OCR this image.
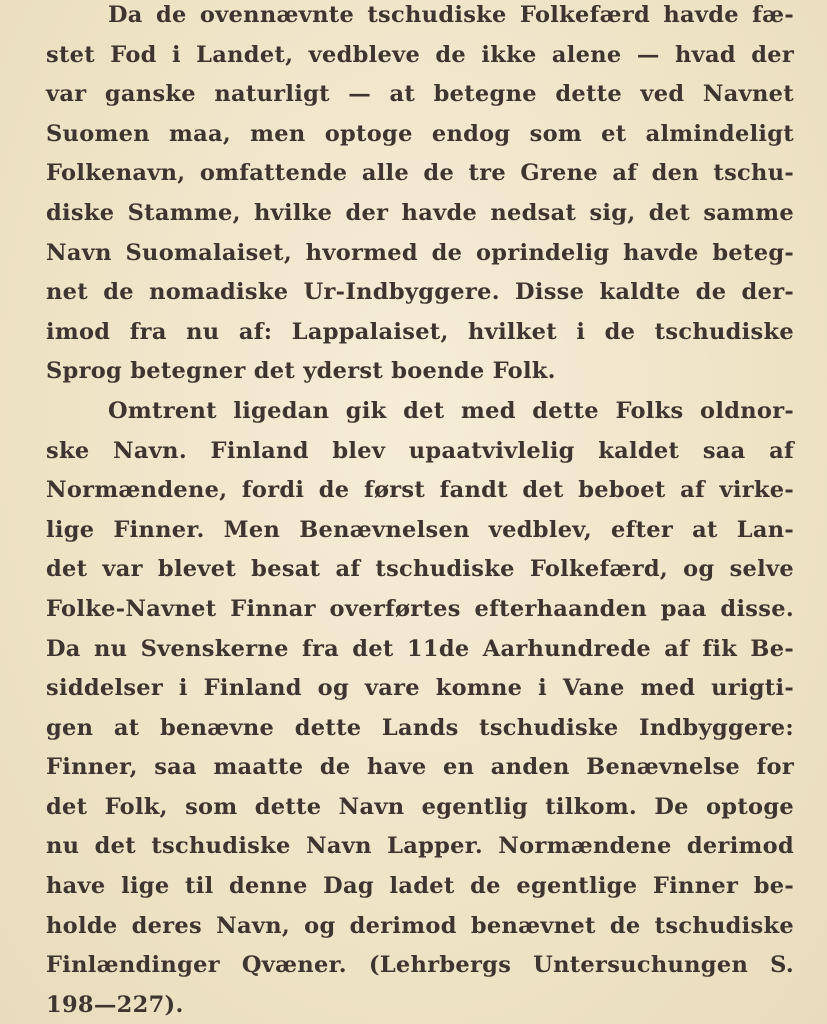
Da de ovennævnte tschudiske Folkefærd havde fæ-
stet Fod i Landet, vedbleve de ikke alene — hvad der
var ganske naturligt — at betegne dette ved Navnet
Suomen maa, men optoge endog som et almindeligt
Folkenavn, omfattende alle de tre Grene af den tschu-
diske Stamme, hvilke der havde nedsat sig, det samme
Navn Suomalaiset, hvormed de oprindelig havde beteg-
net de nomadiske Ur-Indbyggere. Disse kaldte de der-
imod fra nu af: Lappalaiset, hvilket i de tschudiske
Sprog betegner det yderst boende Folk.
Omtrent ligedan gik det med dette Folks oldnor-
ske Navn. Finland blev upaatvivlelig kaldet saa af
Normændene, fordi de først fandt det beboet af virke-
lige Finner. Men Benævnelsen vedblev, efter at Lan-
det var blevet besat af tschudiske Folkefærd, og selve
Folke-Navnet Finnar overførtes efterhaanden paa disse.
Da nu Svenskerne fra det 11de Aarhundrede af fik Be-
siddelser i Finland og vare komne i Vane med urigti-
gen at benævne dette Lands tschudiske Indbyggere:
Finner, saa maatte de have en anden Benævnelse for
det Folk, som dette Navn egentlig tilkom. De optoge
nu det tschudiske Navn Lapper. Normændene derimod
have lige til denne Dag ladet de egentlige Finner be-
holde deres Navn, og derimod benævnet de tschudiske
Finlændinger Qvæner. (Lehrbergs Untersuchungen S.
198—227).
